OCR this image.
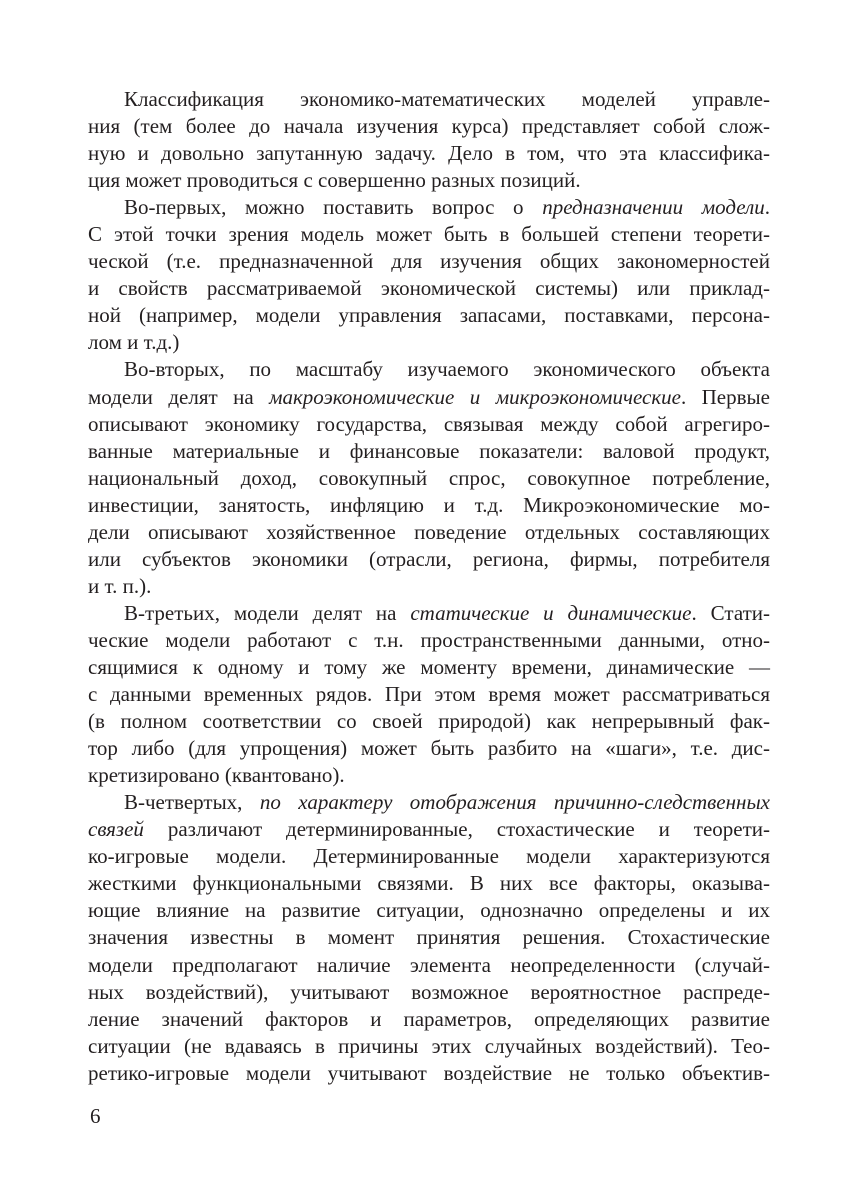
Классификация экономико-математических моделей управле-
ния (тем более до начала изучения курса) представляет собой слож-
ную и довольно запутанную задачу. Дело в том, что эта классифика-
ция может проводиться с совершенно разных позиций.
Во-первых, можно поставить вопрос о предназначении модели.
С этой точки зрения модель может быть в большей степени теорети-
ческой (т.е. предназначенной для изучения общих закономерностей
и свойств рассматриваемой экономической системы) или приклад-
ной (например, модели управления запасами, поставками, персона-
лом и т.д.)
Во-вторых, по масштабу изучаемого экономического объекта
модели делят на макроэкономические и микроэкономические. Первые
описывают экономику государства, связывая между собой агрегиро-
ванные материальные и финансовые показатели: валовой продукт,
национальный доход, совокупный спрос, совокупное потребление,
инвестиции, занятость, инфляцию и т.д. Микроэкономические мо-
дели описывают хозяйственное поведение отдельных составляющих
или субъектов экономики (отрасли, региона, фирмы, потребителя
и т. п.).
В-третьих, модели делят на статические и динамические. Стати-
ческие модели работают с т.н. пространственными данными, отно-
сящимися к одному и тому же моменту времени, динамические —
с данными временных рядов. При этом время может рассматриваться
(в полном соответствии со своей природой) как непрерывный фак-
тор либо (для упрощения) может быть разбито на «шаги», т.е. дис-
кретизировано (квантовано).
В-четвертых, по характеру отображения причинно-следственных
связей различают детерминированные, стохастические и теорети-
ко-игровые модели. Детерминированные модели характеризуются
жесткими функциональными связями. В них все факторы, оказыва-
ющие влияние на развитие ситуации, однозначно определены и их
значения известны в момент принятия решения. Стохастические
модели предполагают наличие элемента неопределенности (случай-
ных воздействий), учитывают возможное вероятностное распреде-
ление значений факторов и параметров, определяющих развитие
ситуации (не вдаваясь в причины этих случайных воздействий). Тео-
ретико-игровые модели учитывают воздействие не только объектив-
6
